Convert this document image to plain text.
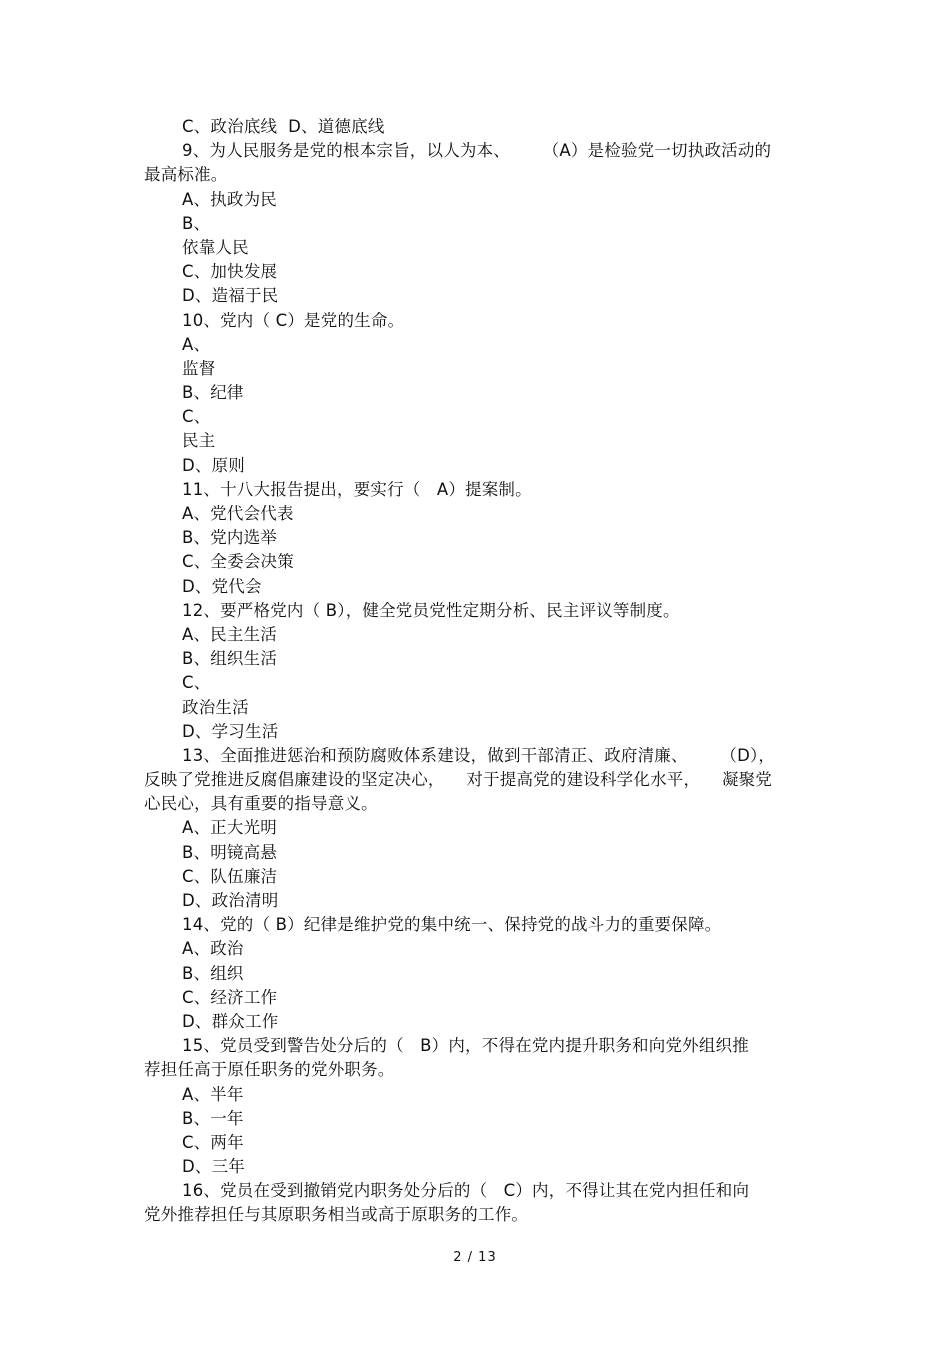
C、政治底线  D、道德底线
9、为人民服务是党的根本宗旨，以人为本、      （A）是检验党一切执政活动的
最高标准。
A、执政为民
B、
依靠人民
C、加快发展
D、造福于民
10、党内（ C）是党的生命。
A、
监督
B、纪律
C、
民主
D、原则
11、十八大报告提出，要实行（   A）提案制。
A、党代会代表
B、党内选举
C、全委会决策
D、党代会
12、要严格党内（ B），健全党员党性定期分析、民主评议等制度。
A、民主生活
B、组织生活
C、
政治生活
D、学习生活
13、全面推进惩治和预防腐败体系建设，做到干部清正、政府清廉、      （D），
反映了党推进反腐倡廉建设的坚定决心，    对于提高党的建设科学化水平，    凝聚党
心民心，具有重要的指导意义。
A、正大光明
B、明镜高悬
C、队伍廉洁
D、政治清明
14、党的（ B）纪律是维护党的集中统一、保持党的战斗力的重要保障。
A、政治
B、组织
C、经济工作
D、群众工作
15、党员受到警告处分后的（   B）内，不得在党内提升职务和向党外组织推
荐担任高于原任职务的党外职务。
A、半年
B、一年
C、两年
D、三年
16、党员在受到撤销党内职务处分后的（   C）内，不得让其在党内担任和向
党外推荐担任与其原职务相当或高于原职务的工作。
2 / 13
